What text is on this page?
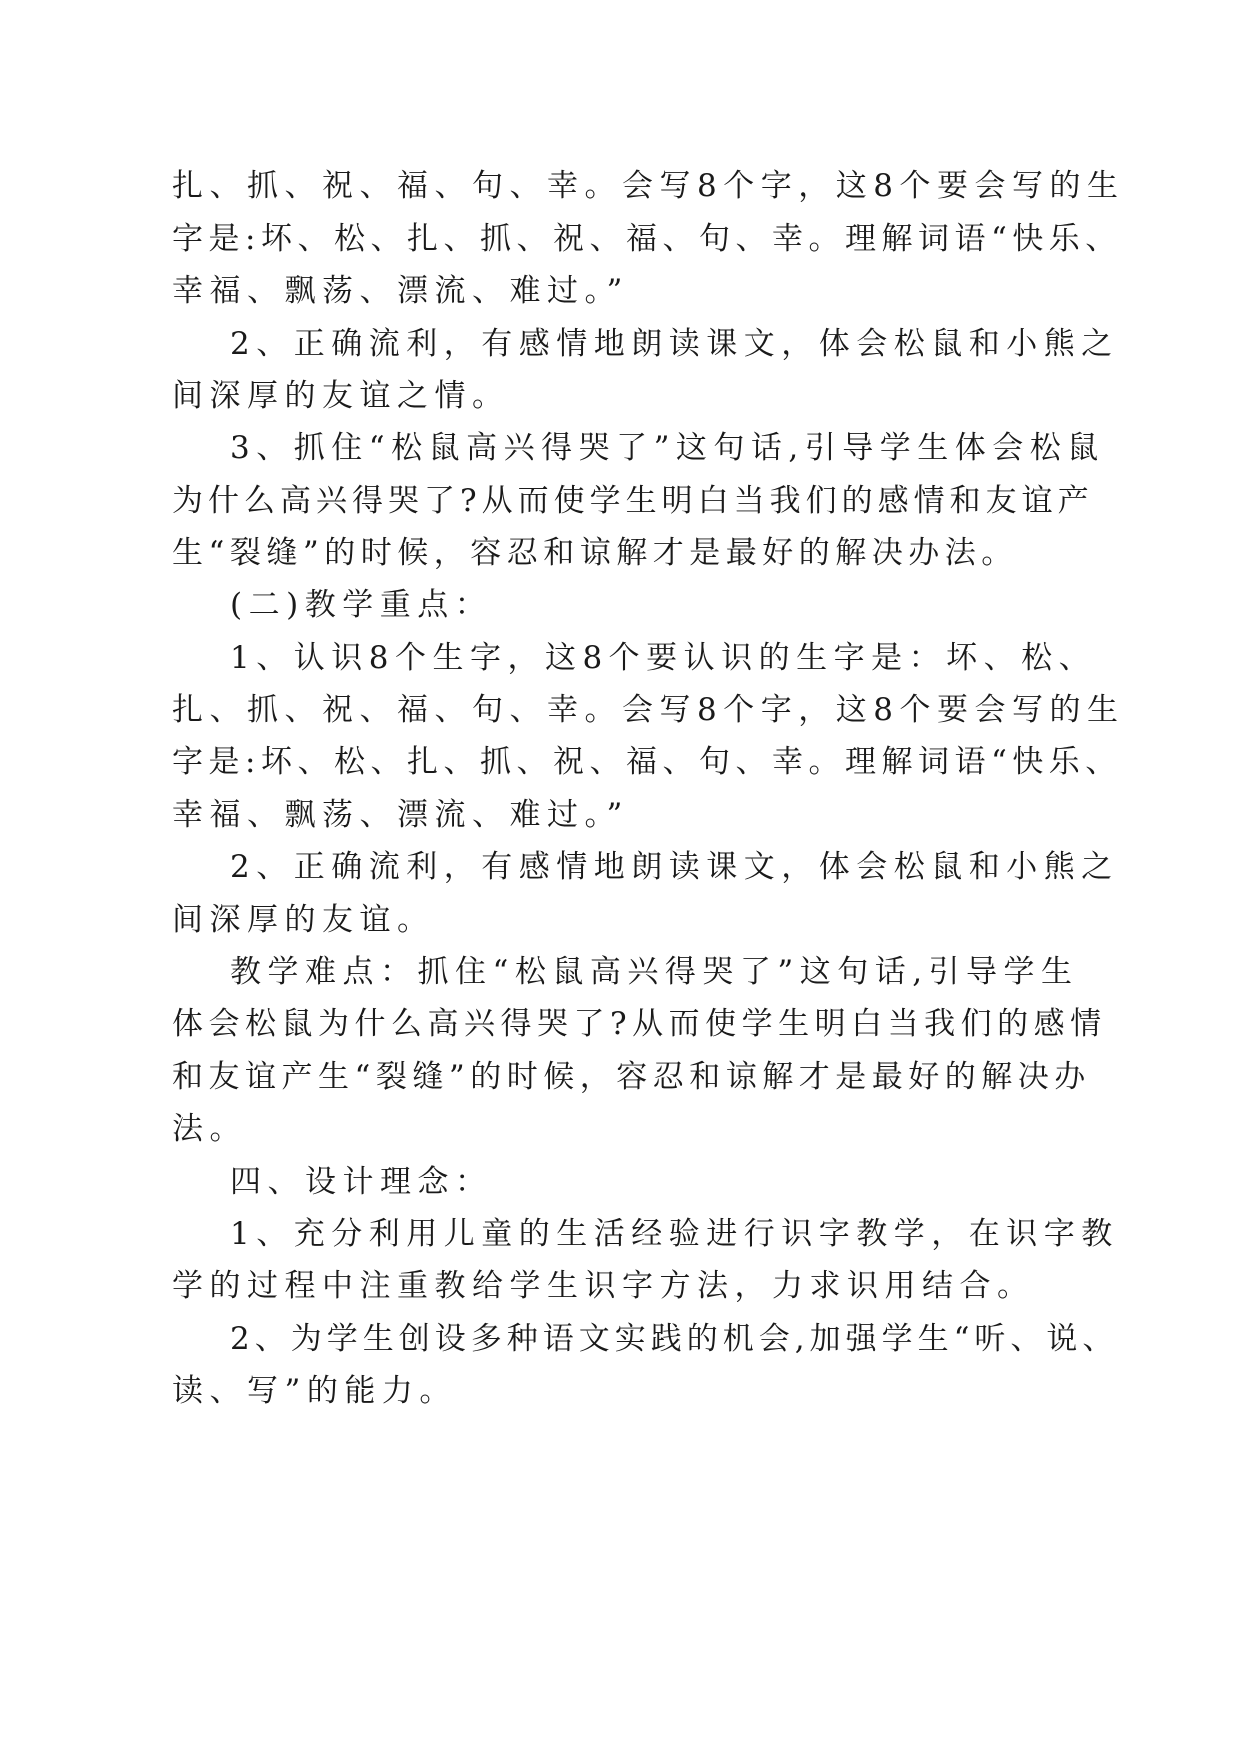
扎、抓、祝、福、句、幸。会写8个字，这8个要会写的生
字是:坏、松、扎、抓、祝、福、句、幸。理解词语“快乐、
幸福、飘荡、漂流、难过。”
2、正确流利，有感情地朗读课文，体会松鼠和小熊之
间深厚的友谊之情。
3、抓住“松鼠高兴得哭了”这句话,引导学生体会松鼠
为什么高兴得哭了?从而使学生明白当我们的感情和友谊产
生“裂缝”的时候，容忍和谅解才是最好的解决办法。
(二)教学重点：
1、认识8个生字，这8个要认识的生字是：坏、松、
扎、抓、祝、福、句、幸。会写8个字，这8个要会写的生
字是:坏、松、扎、抓、祝、福、句、幸。理解词语“快乐、
幸福、飘荡、漂流、难过。”
2、正确流利，有感情地朗读课文，体会松鼠和小熊之
间深厚的友谊。
教学难点：抓住“松鼠高兴得哭了”这句话,引导学生
体会松鼠为什么高兴得哭了?从而使学生明白当我们的感情
和友谊产生“裂缝”的时候，容忍和谅解才是最好的解决办
法。
四、设计理念：
1、充分利用儿童的生活经验进行识字教学，在识字教
学的过程中注重教给学生识字方法，力求识用结合。
2、为学生创设多种语文实践的机会,加强学生“听、说、
读、写”的能力。
